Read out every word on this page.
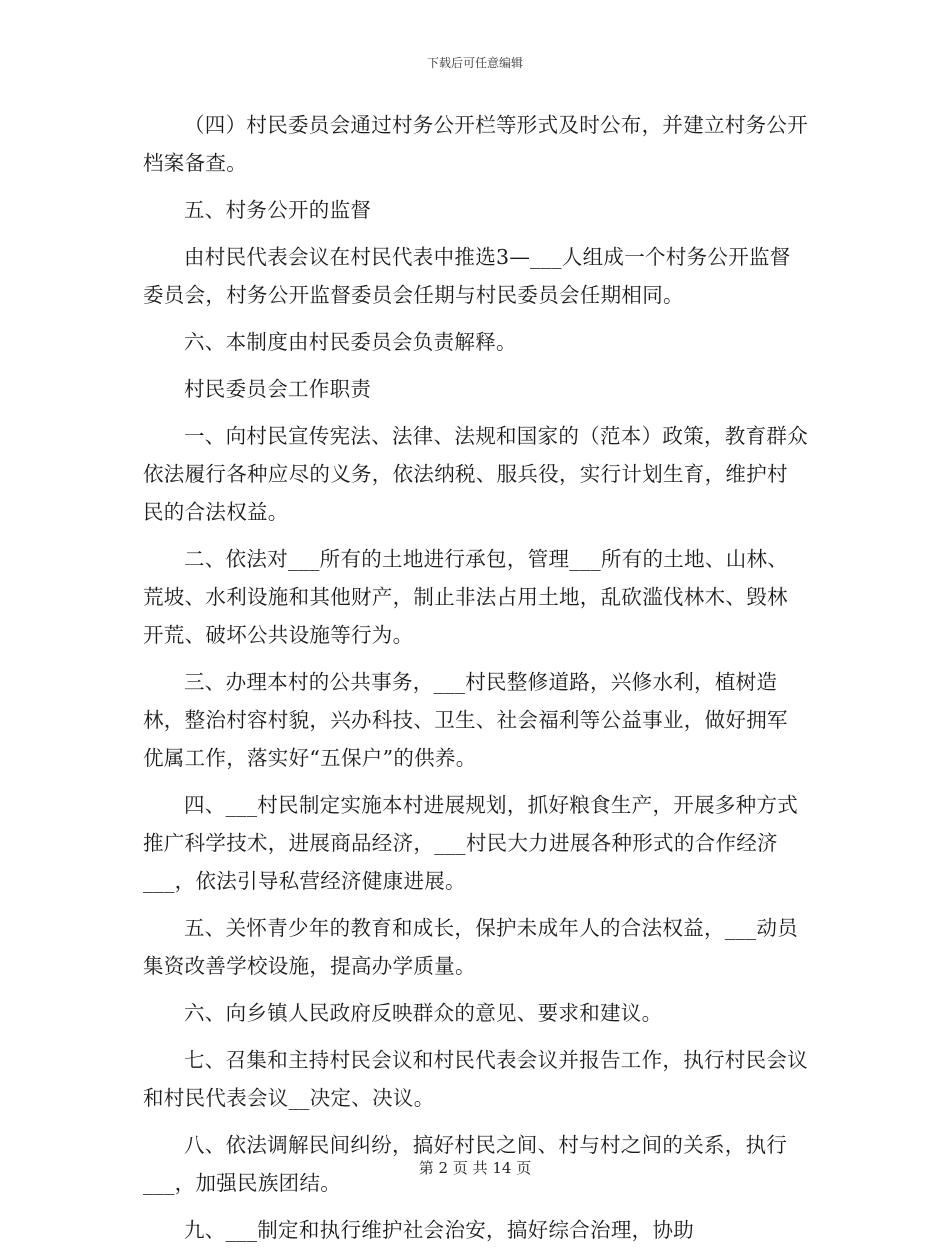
下载后可任意编辑

（四）村民委员会通过村务公开栏等形式及时公布，并建立村务公开档案备查。

五、村务公开的监督

由村民代表会议在村民代表中推选3—___人组成一个村务公开监督委员会，村务公开监督委员会任期与村民委员会任期相同。

六、本制度由村民委员会负责解释。

村民委员会工作职责

一、向村民宣传宪法、法律、法规和国家的（范本）政策，教育群众依法履行各种应尽的义务，依法纳税、服兵役，实行计划生育，维护村民的合法权益。

二、依法对___所有的土地进行承包，管理___所有的土地、山林、荒坡、水利设施和其他财产，制止非法占用土地，乱砍滥伐林木、毁林开荒、破坏公共设施等行为。

三、办理本村的公共事务，___村民整修道路，兴修水利，植树造林，整治村容村貌，兴办科技、卫生、社会福利等公益事业，做好拥军优属工作，落实好“五保户”的供养。

四、___村民制定实施本村进展规划，抓好粮食生产，开展多种方式推广科学技术，进展商品经济，___村民大力进展各种形式的合作经济___，依法引导私营经济健康进展。

五、关怀青少年的教育和成长，保护未成年人的合法权益，___动员集资改善学校设施，提高办学质量。

六、向乡镇人民政府反映群众的意见、要求和建议。

七、召集和主持村民会议和村民代表会议并报告工作，执行村民会议和村民代表会议__决定、决议。

八、依法调解民间纠纷，搞好村民之间、村与村之间的关系，执行___，加强民族团结。

九、___制定和执行维护社会治安，搞好综合治理，协助

第 2 页 共 14 页
